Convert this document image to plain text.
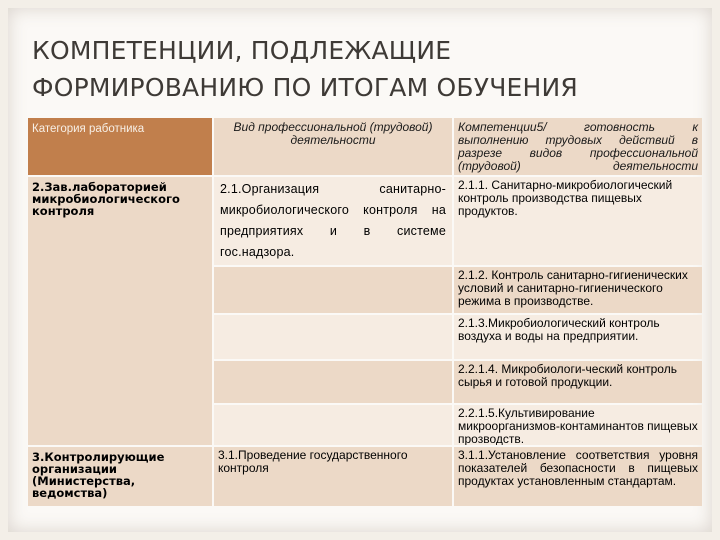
КОМПЕТЕНЦИИ, ПОДЛЕЖАЩИЕ
ФОРМИРОВАНИЮ ПО ИТОГАМ ОБУЧЕНИЯ
Категория работника	Вид профессиональной (трудовой) деятельности
Компетенции5/ готовность к выполнению трудовых действий в разрезе видов профессиональной (трудовой) деятельности
2.Зав.лабораторией микробиологического контроля
3.Контролирующие организации (Министерства, ведомства)
2.1.Организация санитарно-микробиологического контроля на предприятиях и в системе гос.надзора.
3.1.Проведение государственного контроля
2.1.1. Санитарно-микробиологический контроль производства пищевых продуктов.
2.1.2. Контроль санитарно-гигиенических условий и санитарно-гигиенического режима в производстве.
2.1.3.Микробиологический контроль воздуха и воды на предприятии.
2.2.1.4. Микробиологи-ческий контроль сырья и готовой продукции.
2.2.1.5.Культивирование микроорганизмов-контаминантов пищевых прозводств.
3.1.1.Установление соответствия уровня показателей безопасности в пищевых продуктах установленным стандартам.
